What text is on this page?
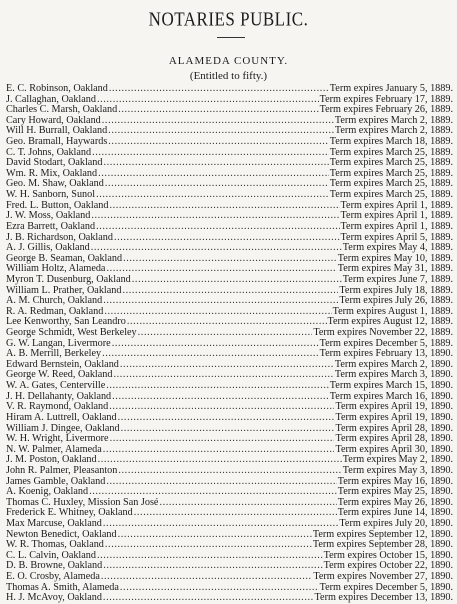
NOTARIES PUBLIC.
ALAMEDA COUNTY.
(Entitled to fifty.)
E. C. Robinson, Oakland .....	Term expires January 5, 1889.
J. Callaghan, Oakland .....	Term expires February 17, 1889.
Charles C. Marsh, Oakland .....	Term expires February 26, 1889.
Cary Howard, Oakland .....	Term expires March 2, 1889.
Will H. Burrall, Oakland .....	Term expires March 2, 1889.
Geo. Bramall, Haywards .....	Term expires March 18, 1889.
C. T. Johns, Oakland .....	Term expires March 25, 1889.
David Stodart, Oakland .....	Term expires March 25, 1889.
Wm. R. Mix, Oakland .....	Term expires March 25, 1889.
Geo. M. Shaw, Oakland .....	Term expires March 25, 1889.
W. H. Sanborn, Sunol .....	Term expires March 25, 1889.
Fred. L. Button, Oakland .....	Term expires April 1, 1889.
J. W. Moss, Oakland .....	Term expires April 1, 1889.
Ezra Barrett, Oakland .....	Term expires April 1, 1889.
J. B. Richardson, Oakland .....	Term expires April 5, 1889.
A. J. Gillis, Oakland .....	Term expires May 4, 1889.
George B. Seaman, Oakland .....	Term expires May 10, 1889.
William Holtz, Alameda .....	Term expires May 31, 1889.
Myron T. Dusenburg, Oakland .....	Term expires June 7, 1889.
William L. Prather, Oakland .....	Term expires July 18, 1889.
A. M. Church, Oakland .....	Term expires July 26, 1889.
R. A. Redman, Oakland .....	Term expires August 1, 1889.
Lee Kenworthy, San Leandro .....	Term expires August 12, 1889.
George Schmidt, West Berkeley .....	Term expires November 22, 1889.
G. W. Langan, Livermore .....	Term expires December 5, 1889.
A. B. Merrill, Berkeley .....	Term expires February 13, 1890.
Edward Bernstein, Oakland .....	Term expires March 2, 1890.
George W. Reed, Oakland .....	Term expires March 3, 1890.
W. A. Gates, Centerville .....	Term expires March 15, 1890.
J. H. Dellahanty, Oakland .....	Term expires March 16, 1890.
V. R. Raymond, Oakland .....	Term expires April 19, 1890.
Hiram A. Luttrell, Oakland .....	Term expires April 19, 1890.
William J. Dingee, Oakland .....	Term expires April 28, 1890.
W. H. Wright, Livermore .....	Term expires April 28, 1890.
N. W. Palmer, Alameda .....	Term expires April 30, 1890.
J. M. Poston, Oakland .....	Term expires May 2, 1890.
John R. Palmer, Pleasanton .....	Term expires May 3, 1890.
James Gamble, Oakland .....	Term expires May 16, 1890.
A. Koenig, Oakland .....	Term expires May 25, 1890.
Thomas C. Huxley, Mission San José .....	Term expires May 26, 1890.
Frederick E. Whitney, Oakland .....	Term expires June 14, 1890.
Max Marcuse, Oakland .....	Term expires July 20, 1890.
Newton Benedict, Oakland .....	Term expires September 12, 1890.
W. R. Thomas, Oakland .....	Term expires September 28, 1890.
C. L. Calvin, Oakland .....	Term expires October 15, 1890.
D. B. Browne, Oakland .....	Term expires October 22, 1890.
E. O. Crosby, Alameda .....	Term expires November 27, 1890.
Thomas A. Smith, Alameda .....	Term expires December 5, 1890.
H. J. McAvoy, Oakland .....	Term expires December 13, 1890.
